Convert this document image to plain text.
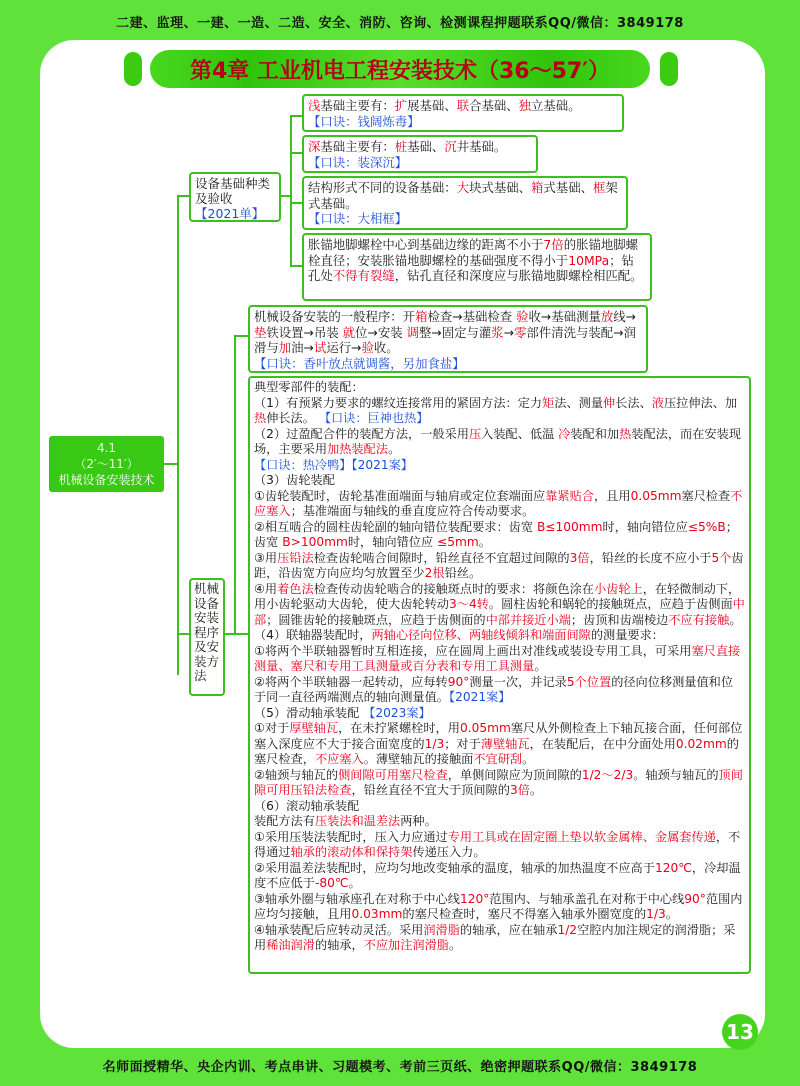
二建、监理、一建、一造、二造、安全、消防、咨询、检测课程押题联系QQ/微信：3849178
第4章 工业机电工程安装技术（36～57′）
4.1
（2′～11′）
机械设备安装技术
设备基础种类及验收
【2021单】
浅基础主要有：扩展基础、联合基础、独立基础。
【口诀：钱阔炼毒】
深基础主要有：桩基础、沉井基础。
【口诀：装深沉】
结构形式不同的设备基础：大块式基础、箱式基础、框架式基础。
【口诀：大相框】
胀锚地脚螺栓中心到基础边缘的距离不小于7倍的胀锚地脚螺栓直径；安装胀锚地脚螺栓的基础强度不得小于10MPa；钻孔处不得有裂缝，钻孔直径和深度应与胀锚地脚螺栓相匹配。
机械设备安装程序及安装方法
机械设备安装的一般程序：开箱检查→基础检查 验收→基础测量放线→垫铁设置→吊装 就位→安装 调整→固定与灌浆→零部件清洗与装配→润滑与加油→试运行→验收。
【口诀：香叶放点就调酱，另加食盐】
典型零部件的装配：
（1）有预紧力要求的螺纹连接常用的紧固方法：定力矩法、测量伸长法、液压拉伸法、加热伸长法。 【口诀：巨神也热】
（2）过盈配合件的装配方法，一般采用压入装配、低温 冷装配和加热装配法，而在安装现场，主要采用加热装配法。
【口诀：热冷鸭】【2021案】
（3）齿轮装配
①齿轮装配时，齿轮基准面端面与轴肩或定位套端面应靠紧贴合，且用0.05mm塞尺检查不应塞入；基准端面与轴线的垂直度应符合传动要求。
②相互啮合的圆柱齿轮副的轴向错位装配要求：齿宽 B≤100mm时，轴向错位应≤5%B；齿宽 B>100mm时，轴向错位应 ≤5mm。
③用压铅法检查齿轮啮合间隙时，铅丝直径不宜超过间隙的3倍，铅丝的长度不应小于5个齿距，沿齿宽方向应均匀放置至少2根铅丝。
④用着色法检查传动齿轮啮合的接触斑点时的要求：将颜色涂在小齿轮上，在轻微制动下，用小齿轮驱动大齿轮，使大齿轮转动3～4转。圆柱齿轮和蜗轮的接触斑点，应趋于齿侧面中部；圆锥齿轮的接触斑点，应趋于齿侧面的中部并接近小端；齿顶和齿端棱边不应有接触。
（4）联轴器装配时，两轴心径向位移、两轴线倾斜和端面间隙的测量要求：
①将两个半联轴器暂时互相连接，应在圆周上画出对准线或装设专用工具，可采用塞尺直接测量、塞尺和专用工具测量或百分表和专用工具测量。
②将两个半联轴器一起转动，应每转90°测量一次，并记录5个位置的径向位移测量值和位于同一直径两端测点的轴向测量值。【2021案】
（5）滑动轴承装配 【2023案】
①对于厚壁轴瓦，在未拧紧螺栓时，用0.05mm塞尺从外侧检查上下轴瓦接合面，任何部位塞入深度应不大于接合面宽度的1/3；对于薄壁轴瓦，在装配后，在中分面处用0.02mm的塞尺检查，不应塞入。薄壁轴瓦的接触面不宜研刮。
②轴颈与轴瓦的侧间隙可用塞尺检查，单侧间隙应为顶间隙的1/2～2/3。轴颈与轴瓦的顶间隙可用压铅法检查，铅丝直径不宜大于顶间隙的3倍。
（6）滚动轴承装配
装配方法有压装法和温差法两种。
①采用压装法装配时，压入力应通过专用工具或在固定圈上垫以软金属棒、金属套传递，不得通过轴承的滚动体和保持架传递压入力。
②采用温差法装配时，应均匀地改变轴承的温度，轴承的加热温度不应高于120℃，冷却温度不应低于-80℃。
③轴承外圈与轴承座孔在对称于中心线120°范围内、与轴承盖孔在对称于中心线90°范围内应均匀接触，且用0.03mm的塞尺检查时，塞尺不得塞入轴承外圈宽度的1/3。
④轴承装配后应转动灵活。采用润滑脂的轴承，应在轴承1/2空腔内加注规定的润滑脂；采用稀油润滑的轴承，不应加注润滑脂。
13
名师面授精华、央企内训、考点串讲、习题模考、考前三页纸、绝密押题联系QQ/微信：3849178
